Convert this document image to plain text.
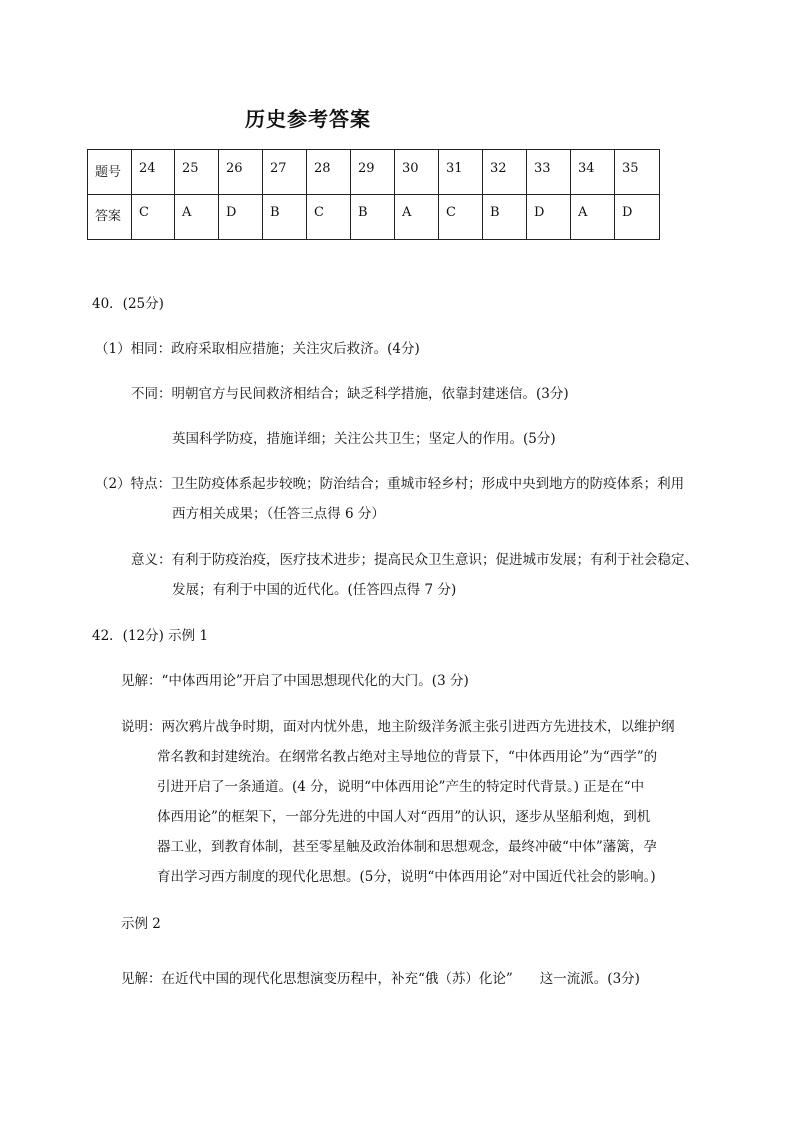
历史参考答案
题号	24	25	26	27	28	29	30	31	32	33	34	35
答案	C	A	D	B	C	B	A	C	B	D	A	D
40．(25分)
（1）相同：政府采取相应措施；关注灾后救济。(4分)
不同：明朝官方与民间救济相结合；缺乏科学措施，依靠封建迷信。(3分)
英国科学防疫，措施详细；关注公共卫生；坚定人的作用。(5分)
（2）特点：卫生防疫体系起步较晚；防治结合；重城市轻乡村；形成中央到地方的防疫体系；利用
西方相关成果；（任答三点得 6 分）
意义：有利于防疫治疫，医疗技术进步；提高民众卫生意识；促进城市发展；有利于社会稳定、
发展；有利于中国的近代化。(任答四点得 7 分)
42．(12分) 示例 1
见解：“中体西用论”开启了中国思想现代化的大门。(3 分)
说明：两次鸦片战争时期，面对内忧外患，地主阶级洋务派主张引进西方先进技术，以维护纲
常名教和封建统治。在纲常名教占绝对主导地位的背景下，“中体西用论”为“西学”的
引进开启了一条通道。(4 分，说明“中体西用论”产生的特定时代背景。) 正是在“中
体西用论”的框架下，一部分先进的中国人对“西用”的认识，逐步从坚船利炮，到机
器工业，到教育体制，甚至零星触及政治体制和思想观念，最终冲破“中体”藩篱，孕
育出学习西方制度的现代化思想。(5分，说明“中体西用论”对中国近代社会的影响。)
示例 2
见解：在近代中国的现代化思想演变历程中，补充“俄（苏）化论”　　这一流派。(3分)
